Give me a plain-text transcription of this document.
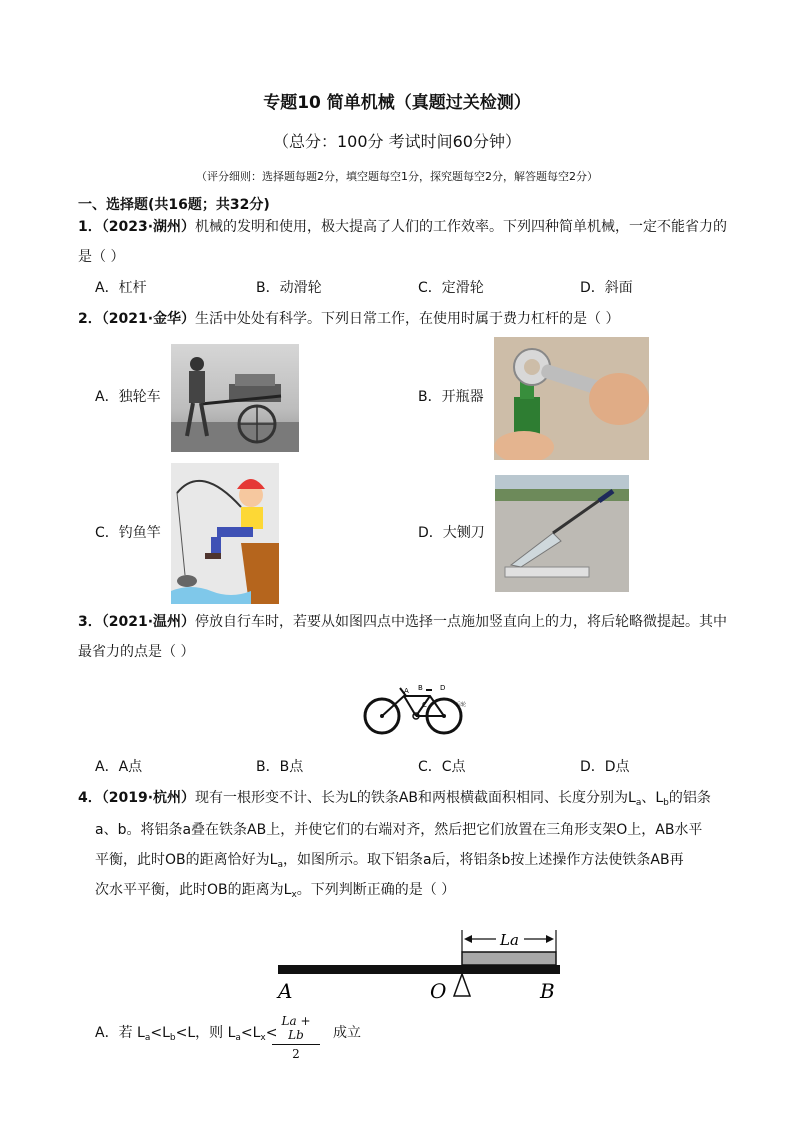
专题10 简单机械（真题过关检测）
（总分：100分 考试时间60分钟）
（评分细则：选择题每题2分，填空题每空1分，探究题每空2分，解答题每空2分）
一、选择题(共16题；共32分)
1．（2023·湖州）机械的发明和使用，极大提高了人们的工作效率。下列四种简单机械，一定不能省力的
是（ ）
A．杠杆	B．动滑轮	C．定滑轮	D．斜面
2．（2021·金华）生活中处处有科学。下列日常工作，在使用时属于费力杠杆的是（ ）
A．独轮车	B．开瓶器
C．钓鱼竿	D．大铡刀
3．（2021·温州）停放自行车时，若要从如图四点中选择一点施加竖直向上的力，将后轮略微提起。其中
最省力的点是（ ）
A B
C
D
后轮
A．A点	B．B点	C．C点	D．D点
4．（2019·杭州）现有一根形变不计、长为L的铁条AB和两根横截面积相同、长度分别为$L_a$、$L_b$的铝条
a、b。将铝条a叠在铁条AB上，并使它们的右端对齐，然后把它们放置在三角形支架O上，AB水平
平衡，此时OB的距离恰好为$L_a$，如图所示。取下铝条a后，将铝条b按上述操作方法使铁条AB再
次水平平衡，此时OB的距离为$L_x$。下列判断正确的是（ ）
La
A	O	B
A．若 $L_a<L_b<L$，则 $L_a<L_x<$
$\frac{La + Lb}{2}$ 成立
